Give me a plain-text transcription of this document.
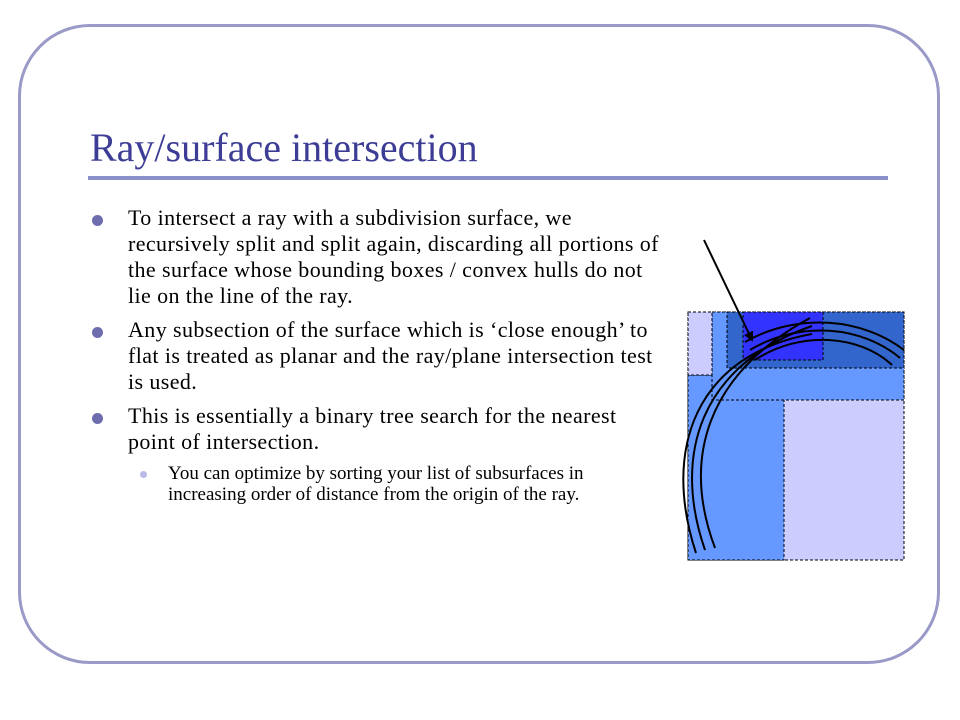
Ray/surface intersection
To intersect a ray with a subdivision surface, we recursively split and split again, discarding all portions of the surface whose bounding boxes / convex hulls do not lie on the line of the ray.
Any subsection of the surface which is ‘close enough’ to flat is treated as planar and the ray/plane intersection test is used.
This is essentially a binary tree search for the nearest point of intersection.
You can optimize by sorting your list of subsurfaces in increasing order of distance from the origin of the ray.
